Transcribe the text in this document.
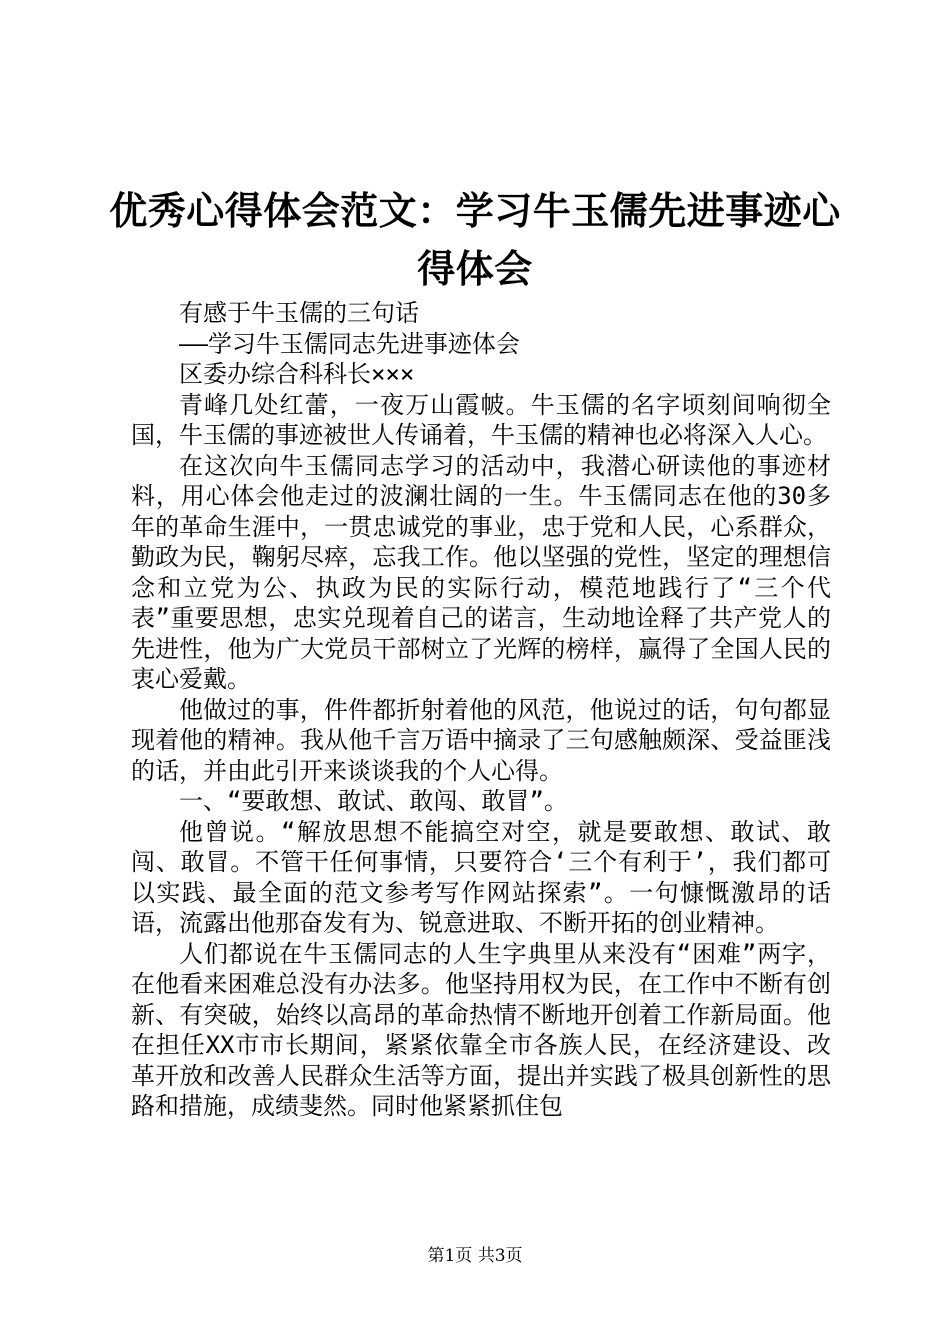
优秀心得体会范文：学习牛玉儒先进事迹心得体会

有感于牛玉儒的三句话

——学习牛玉儒同志先进事迹体会

区委办综合科科长×××

青峰几处红蕾，一夜万山霞帔。牛玉儒的名字顷刻间响彻全国，牛玉儒的事迹被世人传诵着，牛玉儒的精神也必将深入人心。

在这次向牛玉儒同志学习的活动中，我潜心研读他的事迹材料，用心体会他走过的波澜壮阔的一生。牛玉儒同志在他的30多年的革命生涯中，一贯忠诚党的事业，忠于党和人民，心系群众，勤政为民，鞠躬尽瘁，忘我工作。他以坚强的党性，坚定的理想信念和立党为公、执政为民的实际行动，模范地践行了“三个代表”重要思想，忠实兑现着自己的诺言，生动地诠释了共产党人的先进性，他为广大党员干部树立了光辉的榜样，赢得了全国人民的衷心爱戴。

他做过的事，件件都折射着他的风范，他说过的话，句句都显现着他的精神。我从他千言万语中摘录了三句感触颇深、受益匪浅的话，并由此引开来谈谈我的个人心得。

一、“要敢想、敢试、敢闯、敢冒”。

他曾说。“解放思想不能搞空对空，就是要敢想、敢试、敢闯、敢冒。不管干任何事情，只要符合‘三个有利于’，我们都可以实践、最全面的范文参考写作网站探索”。一句慷慨激昂的话语，流露出他那奋发有为、锐意进取、不断开拓的创业精神。

人们都说在牛玉儒同志的人生字典里从来没有“困难”两字，在他看来困难总没有办法多。他坚持用权为民，在工作中不断有创新、有突破，始终以高昂的革命热情不断地开创着工作新局面。他在担任XX市市长期间，紧紧依靠全市各族人民，在经济建设、改革开放和改善人民群众生活等方面，提出并实践了极具创新性的思路和措施，成绩斐然。同时他紧紧抓住包

第1页 共3页
